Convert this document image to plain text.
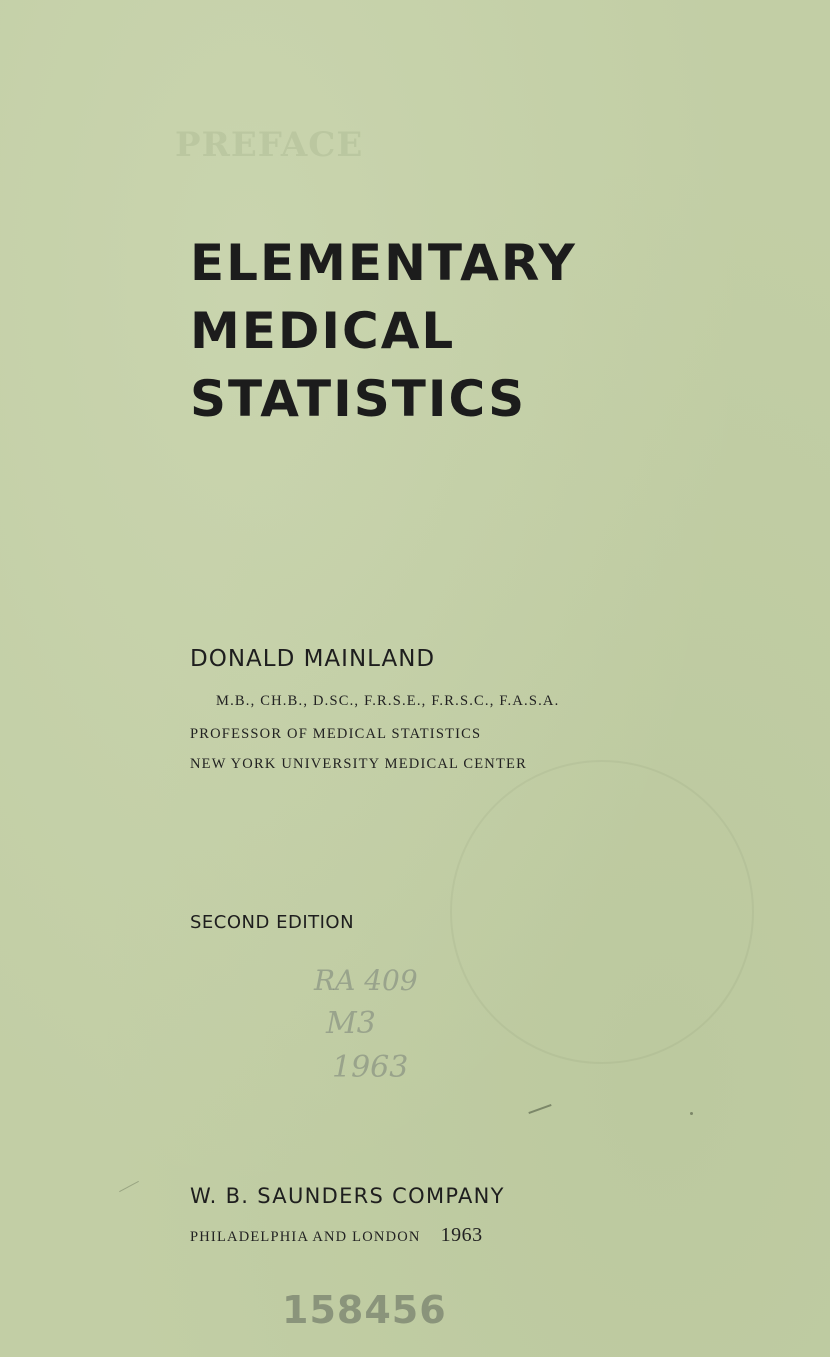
PREFACE
ELEMENTARY
MEDICAL
STATISTICS
DONALD MAINLAND
M.B., CH.B., D.SC., F.R.S.E., F.R.S.C., F.A.S.A.
PROFESSOR OF MEDICAL STATISTICS
NEW YORK UNIVERSITY MEDICAL CENTER
SECOND EDITION
RA 409
M3
1963
W. B. SAUNDERS COMPANY
PHILADELPHIA AND LONDON 1963
158456
